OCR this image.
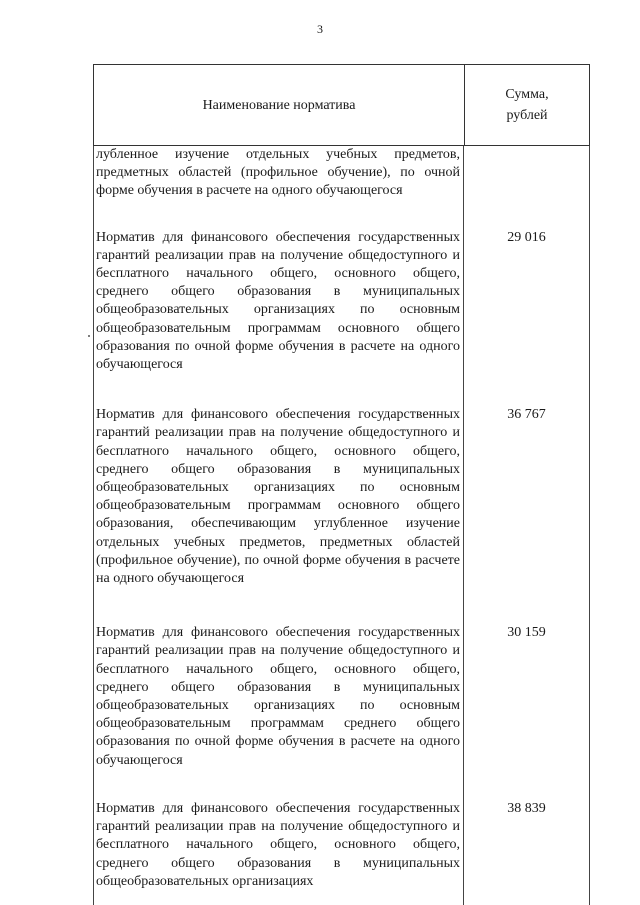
3
Наименование норматива
Сумма,
рублей
лубленное изучение отдельных учебных предметов, предметных областей (профильное обучение), по очной форме обучения в расчете на одного обучающегося
Норматив для финансового обеспечения государственных гарантий реализации прав на получение общедоступного и бесплатного начального общего, основного общего, среднего общего образования в муниципальных общеобразовательных организациях по основным общеобразовательным программам основного общего образования по очной форме обучения в расчете на одного обучающегося
29 016
Норматив для финансового обеспечения государственных гарантий реализации прав на получение общедоступного и бесплатного начального общего, основного общего, среднего общего образования в муниципальных общеобразовательных организациях по основным общеобразовательным программам основного общего образования, обеспечивающим углубленное изучение отдельных учебных предметов, предметных областей (профильное обучение), по очной форме обучения в расчете на одного обучающегося
36 767
Норматив для финансового обеспечения государственных гарантий реализации прав на получение общедоступного и бесплатного начального общего, основного общего, среднего общего образования в муниципальных общеобразовательных организациях по основным общеобразовательным программам среднего общего образования по очной форме обучения в расчете на одного обучающегося
30 159
Норматив для финансового обеспечения государственных гарантий реализации прав на получение общедоступного и бесплатного начального общего, основного общего, среднего общего образования в муниципальных общеобразовательных организациях
38 839
